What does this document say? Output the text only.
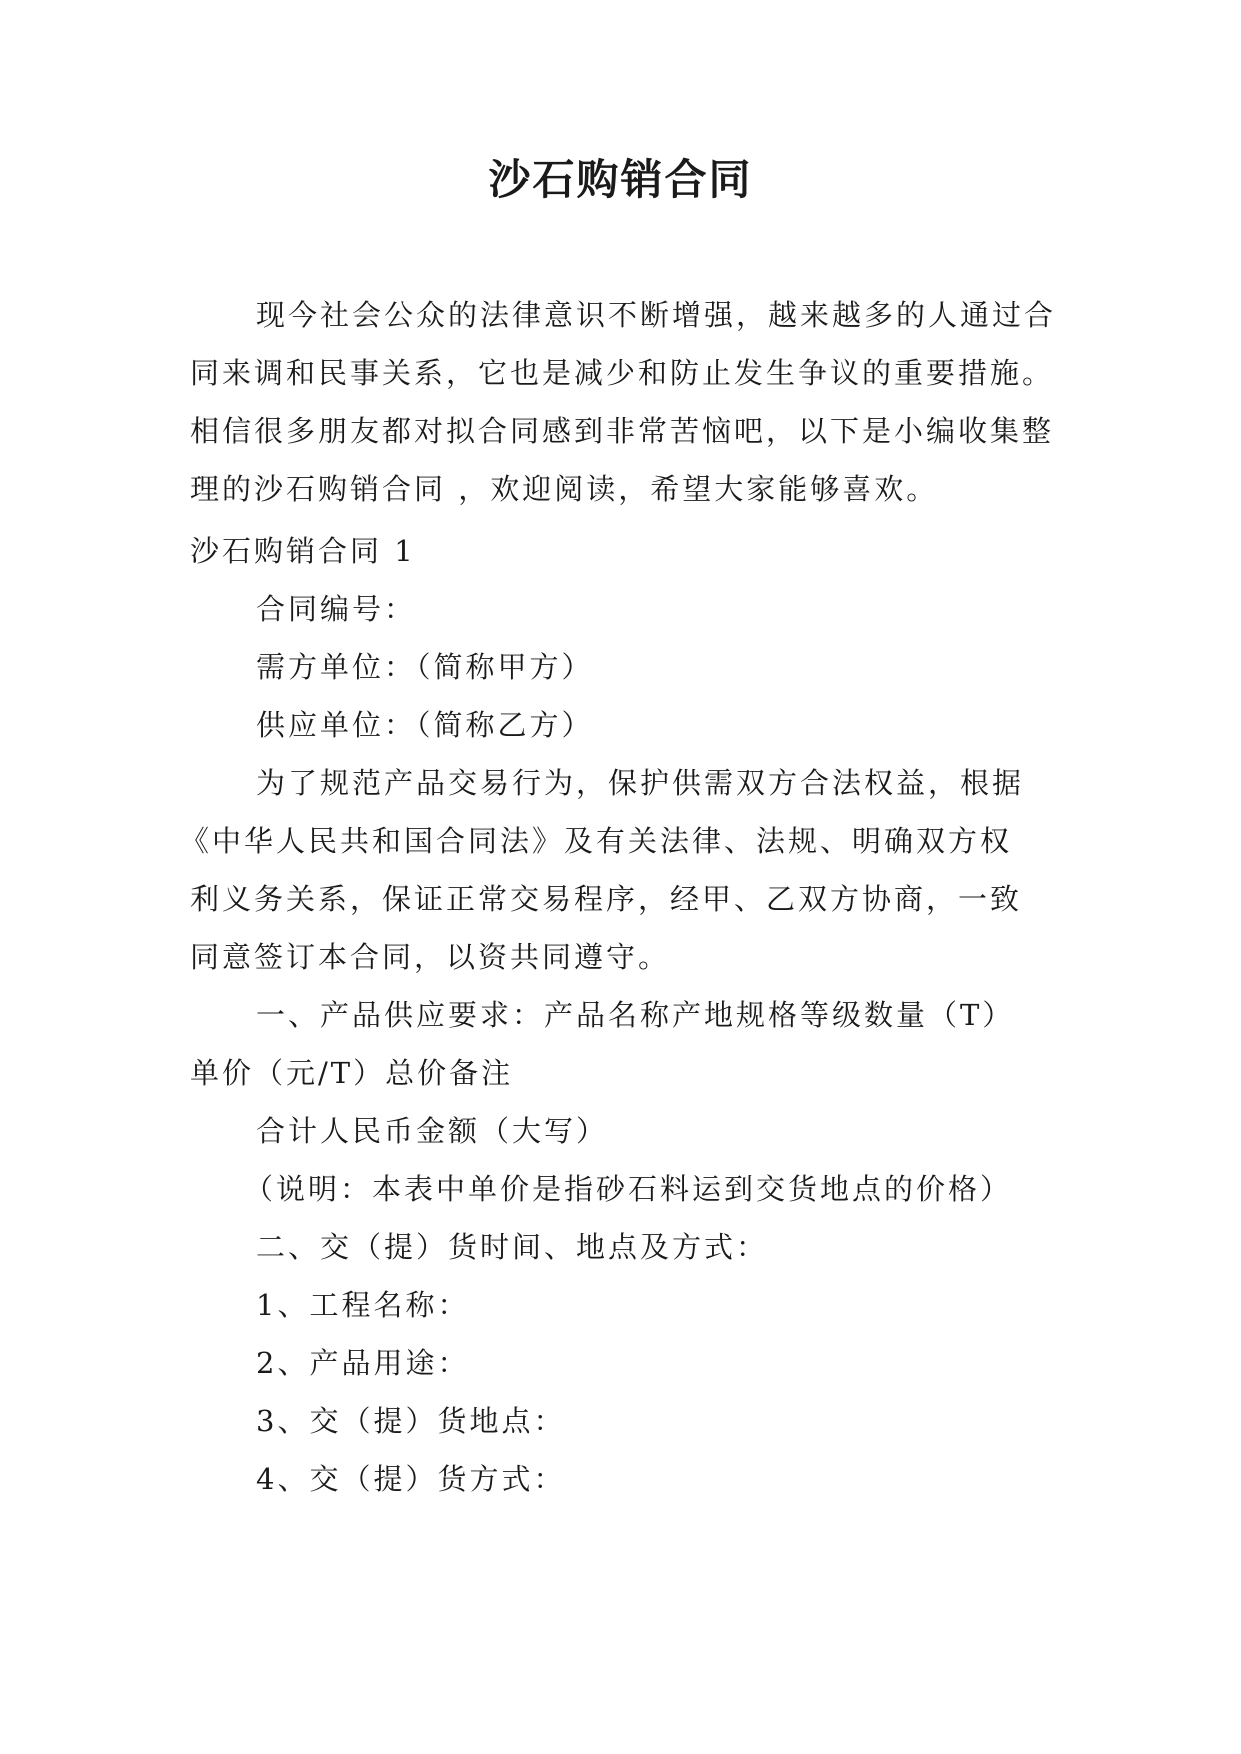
沙石购销合同

现今社会公众的法律意识不断增强，越来越多的人通过合同来调和民事关系，它也是减少和防止发生争议的重要措施。相信很多朋友都对拟合同感到非常苦恼吧，以下是小编收集整理的沙石购销合同 ，欢迎阅读，希望大家能够喜欢。

沙石购销合同 1

合同编号：

需方单位：（简称甲方）

供应单位：（简称乙方）

为了规范产品交易行为，保护供需双方合法权益，根据

《中华人民共和国合同法》及有关法律、法规、明确双方权

利义务关系，保证正常交易程序，经甲、乙双方协商，一致

同意签订本合同，以资共同遵守。

一、产品供应要求：产品名称产地规格等级数量（T）

单价（元/T）总价备注

合计人民币金额（大写）

（说明：本表中单价是指砂石料运到交货地点的价格）

二、交（提）货时间、地点及方式：

1、工程名称：

2、产品用途：

3、交（提）货地点：

4、交（提）货方式：
